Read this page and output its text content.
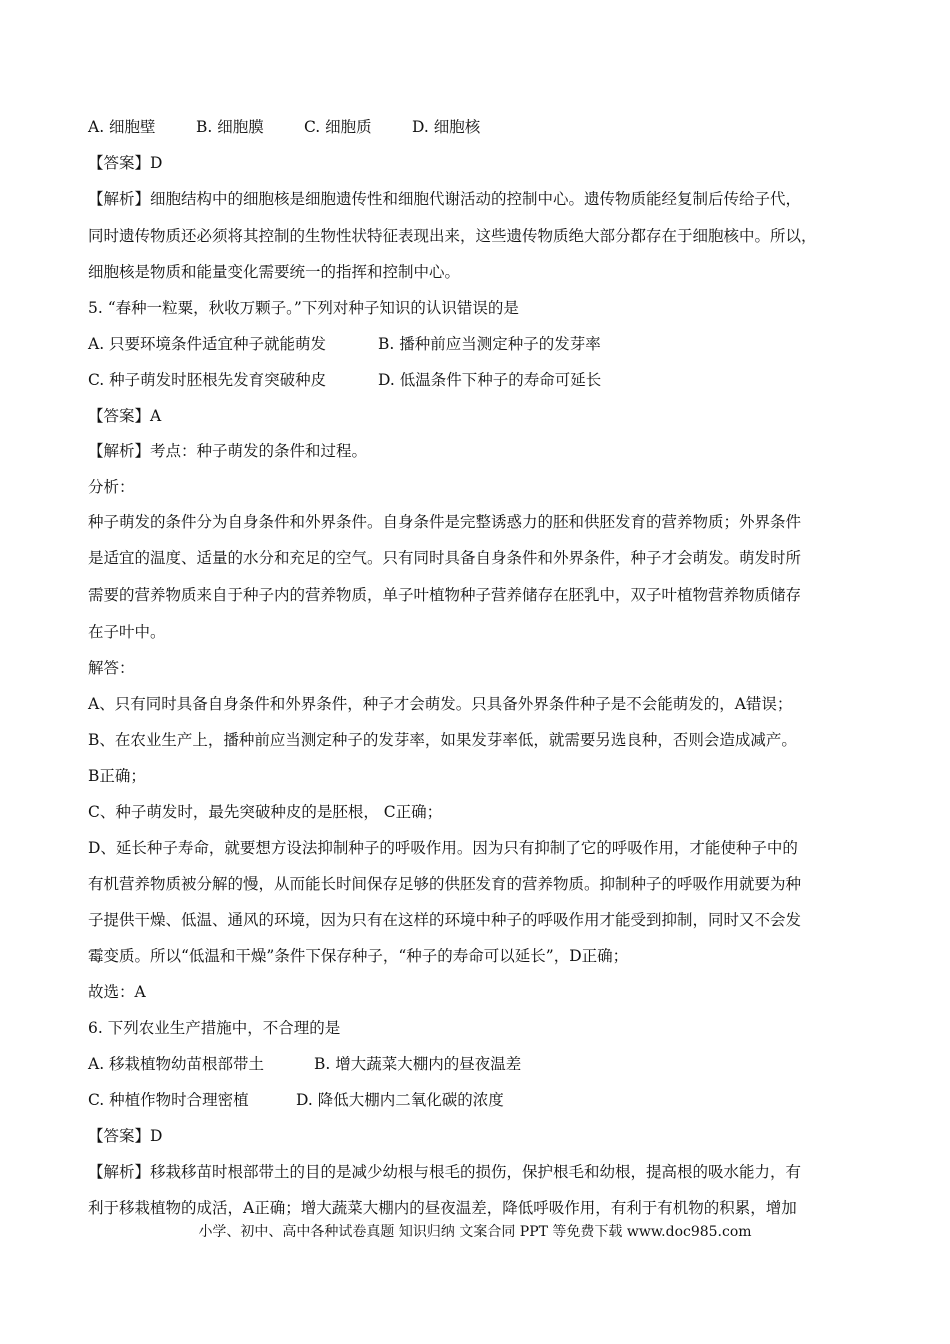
A. 细胞壁	B. 细胞膜	C. 细胞质	D. 细胞核
【答案】D
【解析】细胞结构中的细胞核是细胞遗传性和细胞代谢活动的控制中心。遗传物质能经复制后传给子代，
同时遗传物质还必须将其控制的生物性状特征表现出来，这些遗传物质绝大部分都存在于细胞核中。所以，
细胞核是物质和能量变化需要统一的指挥和控制中心。
5. “春种一粒粟，秋收万颗子。”下列对种子知识的认识错误的是
A. 只要环境条件适宜种子就能萌发	B. 播种前应当测定种子的发芽率
C. 种子萌发时胚根先发育突破种皮	D. 低温条件下种子的寿命可延长
【答案】A
【解析】考点：种子萌发的条件和过程。
分析：
种子萌发的条件分为自身条件和外界条件。自身条件是完整诱惑力的胚和供胚发育的营养物质；外界条件
是适宜的温度、适量的水分和充足的空气。只有同时具备自身条件和外界条件，种子才会萌发。萌发时所
需要的营养物质来自于种子内的营养物质，单子叶植物种子营养储存在胚乳中，双子叶植物营养物质储存
在子叶中。
解答：
A、只有同时具备自身条件和外界条件，种子才会萌发。只具备外界条件种子是不会能萌发的，A错误；
B、在农业生产上，播种前应当测定种子的发芽率，如果发芽率低，就需要另选良种，否则会造成减产。
B正确；
C、种子萌发时，最先突破种皮的是胚根， C正确；
D、延长种子寿命，就要想方设法抑制种子的呼吸作用。因为只有抑制了它的呼吸作用，才能使种子中的
有机营养物质被分解的慢，从而能长时间保存足够的供胚发育的营养物质。抑制种子的呼吸作用就要为种
子提供干燥、低温、通风的环境，因为只有在这样的环境中种子的呼吸作用才能受到抑制，同时又不会发
霉变质。所以“低温和干燥”条件下保存种子，“种子的寿命可以延长”，D正确；
故选：A
6. 下列农业生产措施中，不合理的是
A. 移栽植物幼苗根部带土	B. 增大蔬菜大棚内的昼夜温差
C. 种植作物时合理密植	D. 降低大棚内二氧化碳的浓度
【答案】D
【解析】移栽移苗时根部带土的目的是减少幼根与根毛的损伤，保护根毛和幼根，提高根的吸水能力，有
利于移栽植物的成活，A正确；增大蔬菜大棚内的昼夜温差，降低呼吸作用，有利于有机物的积累，增加
小学、初中、高中各种试卷真题 知识归纳 文案合同 PPT 等免费下载 www.doc985.com
